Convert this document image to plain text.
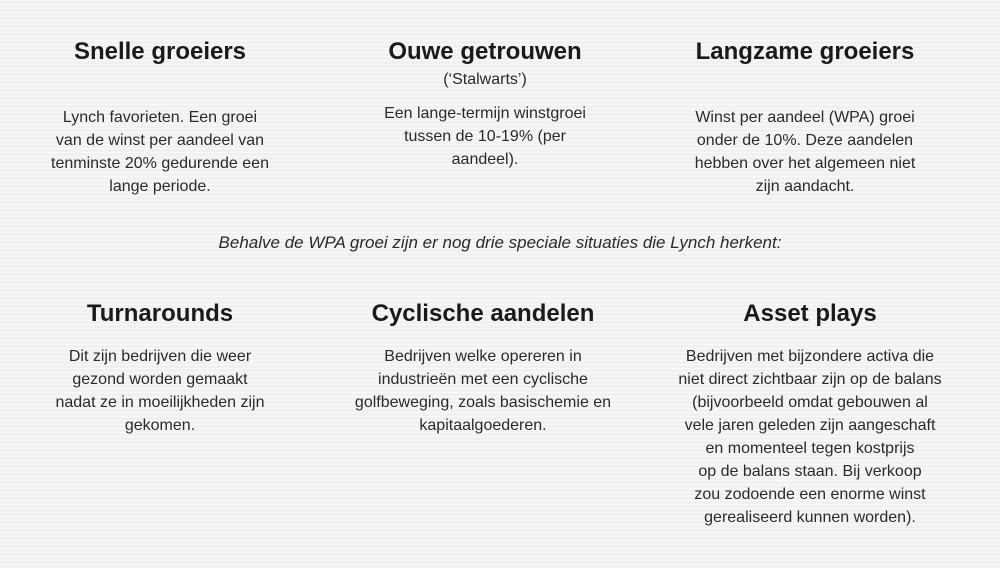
Snelle groeiers
Lynch favorieten. Een groei
van de winst per aandeel van
tenminste 20% gedurende een
lange periode.
Ouwe getrouwen
(‘Stalwarts’)
Een lange-termijn winstgroei
tussen de 10-19% (per
aandeel).
Langzame groeiers
Winst per aandeel (WPA) groei
onder de 10%. Deze aandelen
hebben over het algemeen niet
zijn aandacht.
Behalve de WPA groei zijn er nog drie speciale situaties die Lynch herkent:
Turnarounds
Dit zijn bedrijven die weer
gezond worden gemaakt
nadat ze in moeilijkheden zijn
gekomen.
Cyclische aandelen
Bedrijven welke opereren in
industrieën met een cyclische
golfbeweging, zoals basischemie en
kapitaalgoederen.
Asset plays
Bedrijven met bijzondere activa die
niet direct zichtbaar zijn op de balans
(bijvoorbeeld omdat gebouwen al
vele jaren geleden zijn aangeschaft
en momenteel tegen kostprijs
op de balans staan. Bij verkoop
zou zodoende een enorme winst
gerealiseerd kunnen worden).
